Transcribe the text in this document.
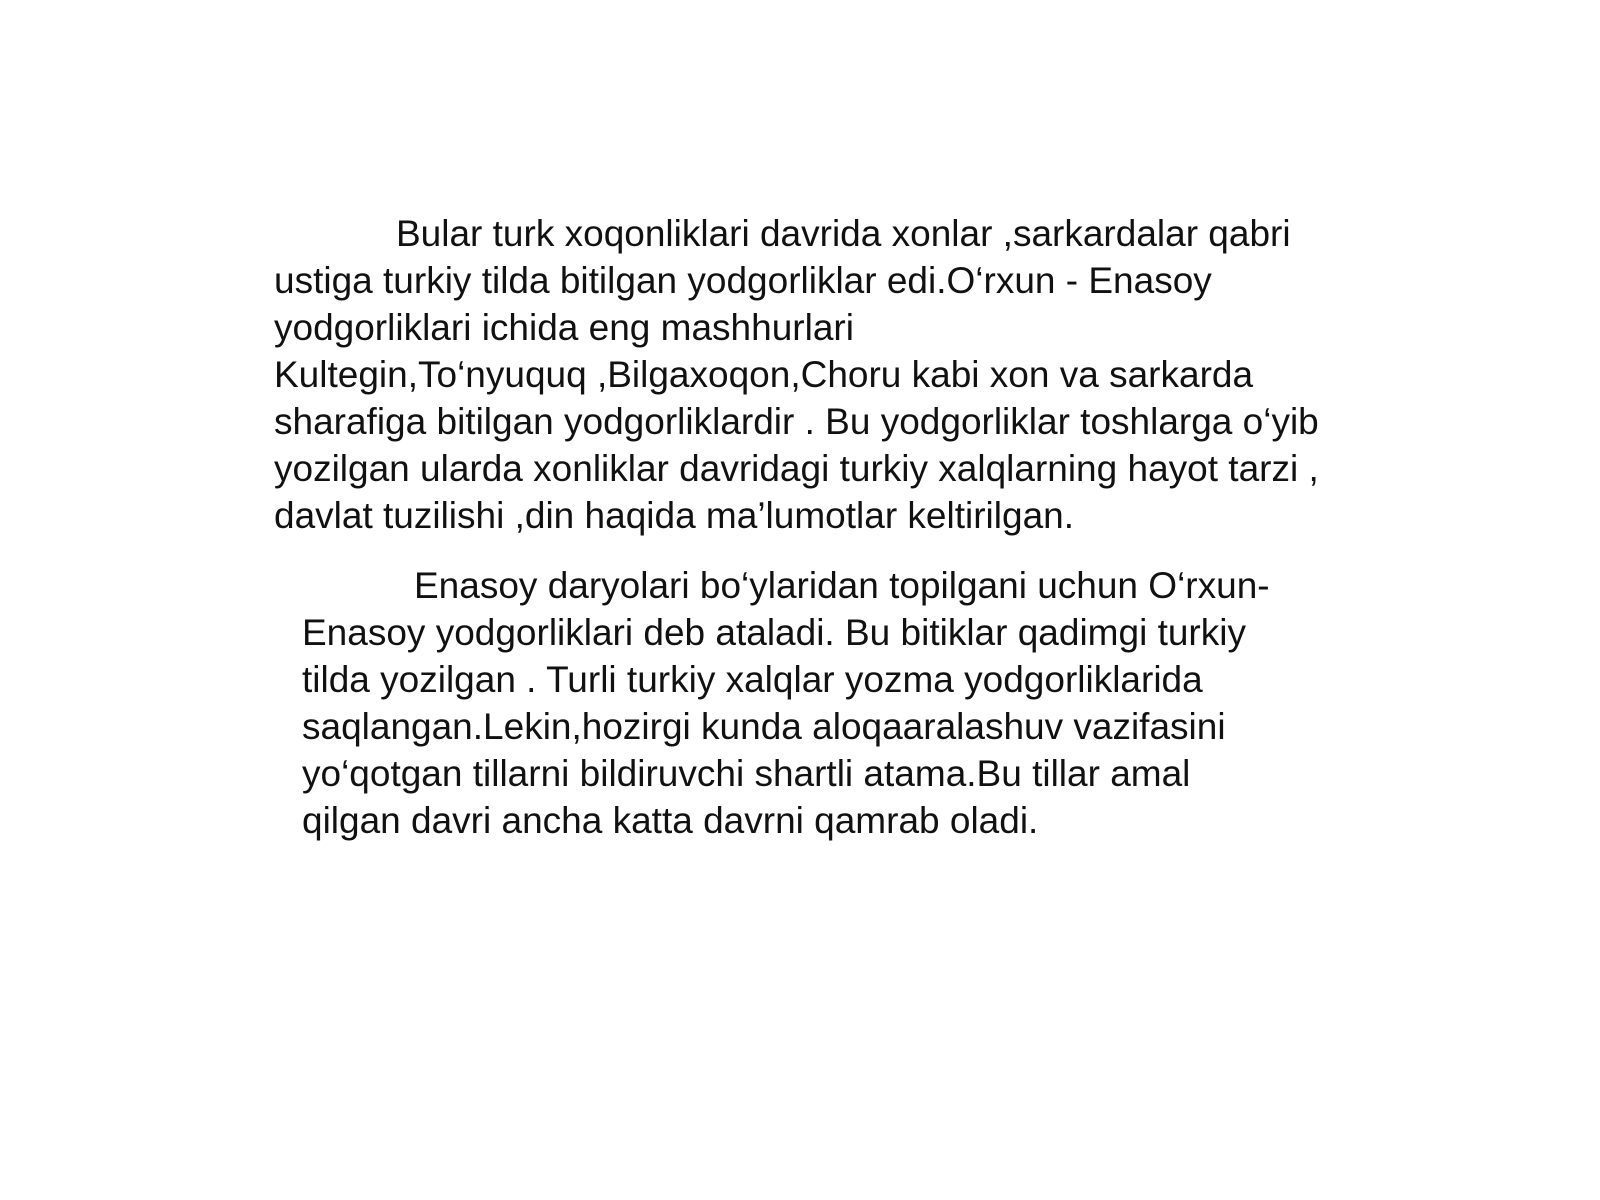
Bular turk xoqonliklari davrida xonlar ,sarkardalar qabri
ustiga turkiy tilda bitilgan yodgorliklar edi.O‘rxun - Enasoy
yodgorliklari ichida eng mashhurlari
Kultegin,To‘nyuquq ,Bilgaxoqon,Choru kabi xon va sarkarda
sharafiga bitilgan yodgorliklardir . Bu yodgorliklar toshlarga o‘yib
yozilgan ularda xonliklar davridagi turkiy xalqlarning hayot tarzi ,
davlat tuzilishi ,din haqida ma’lumotlar keltirilgan.

Enasoy daryolari bo‘ylaridan topilgani uchun O‘rxun-
Enasoy yodgorliklari deb ataladi. Bu bitiklar qadimgi turkiy
tilda yozilgan . Turli turkiy xalqlar yozma yodgorliklarida
saqlangan.Lekin,hozirgi kunda aloqaaralashuv vazifasini
yo‘qotgan tillarni bildiruvchi shartli atama.Bu tillar amal
qilgan davri ancha katta davrni qamrab oladi.
